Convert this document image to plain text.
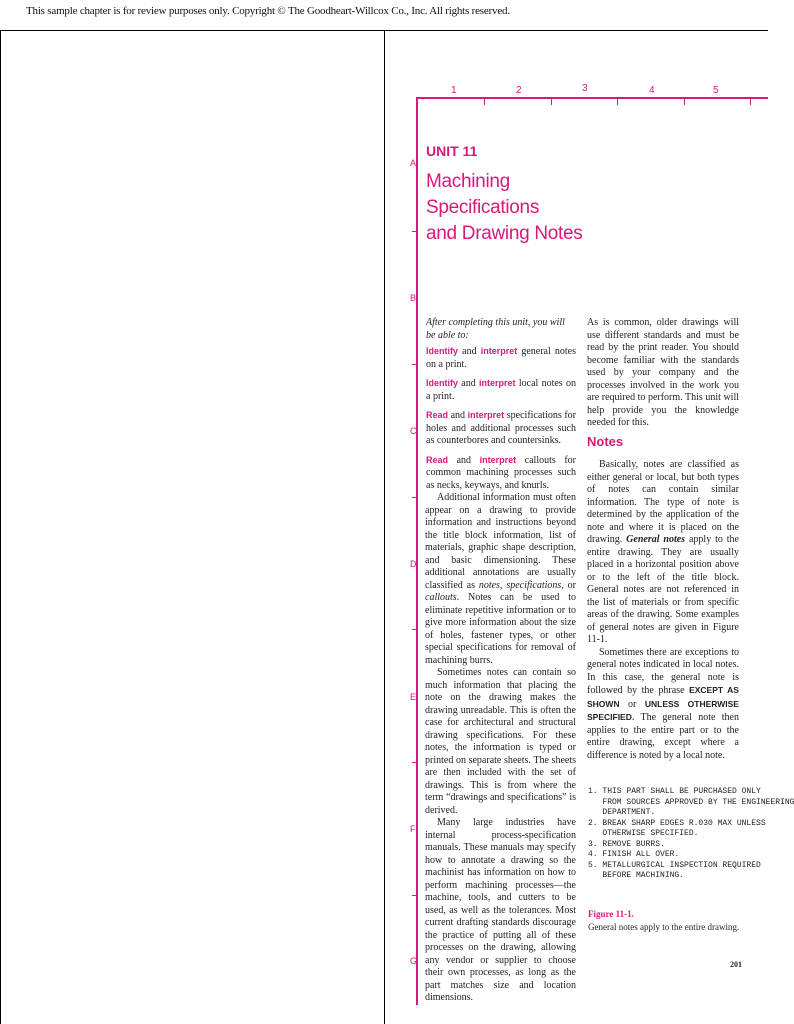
This sample chapter is for review purposes only. Copyright © The Goodheart-Willcox Co., Inc. All rights reserved.
1	2	3	4	5
A
B
C
D
E
F
G
UNIT 11
Machining Specifications
and Drawing Notes

After completing this unit, you will be able to:

Identify and interpret general notes on a print.

Identify and interpret local notes on a print.

Read and interpret specifications for holes and additional processes such as counterbores and countersinks.

Read and interpret callouts for common machining processes such as necks, keyways, and knurls.

Additional information must often appear on a drawing to provide information and instructions beyond the title block information, list of materials, graphic shape description, and basic dimensioning. These additional annotations are usually classified as notes, specifications, or callouts. Notes can be used to eliminate repetitive information or to give more information about the size of holes, fastener types, or other special specifications for removal of machining burrs.

Sometimes notes can contain so much information that placing the note on the drawing makes the drawing unreadable. This is often the case for architectural and structural drawing specifications. For these notes, the information is typed or printed on separate sheets. The sheets are then included with the set of drawings. This is from where the term “drawings and specifications” is derived.

Many large industries have internal process-specification manuals. These manuals may specify how to annotate a drawing so the machinist has information on how to perform machining processes—the machine, tools, and cutters to be used, as well as the tolerances. Most current drafting standards discourage the practice of putting all of these processes on the drawing, allowing any vendor or supplier to choose their own processes, as long as the part matches size and location dimensions.

As is common, older drawings will use different standards and must be read by the print reader. You should become familiar with the standards used by your company and the processes involved in the work you are required to perform. This unit will help provide you the knowledge needed for this.

Notes

Basically, notes are classified as either general or local, but both types of notes can contain similar information. The type of note is determined by the application of the note and where it is placed on the drawing. General notes apply to the entire drawing. They are usually placed in a horizontal position above or to the left of the title block. General notes are not referenced in the list of materials or from specific areas of the drawing. Some examples of general notes are given in Figure 11-1.

Sometimes there are exceptions to general notes indicated in local notes. In this case, the general note is followed by the phrase EXCEPT AS SHOWN or UNLESS OTHERWISE SPECIFIED. The general note then applies to the entire part or to the entire drawing, except where a difference is noted by a local note.

1. THIS PART SHALL BE PURCHASED ONLY
FROM SOURCES APPROVED BY THE ENGINEERING
DEPARTMENT.
2. BREAK SHARP EDGES R.030 MAX UNLESS
OTHERWISE SPECIFIED.
3. REMOVE BURRS.
4. FINISH ALL OVER.
5. METALLURGICAL INSPECTION REQUIRED
BEFORE MACHINING.
Figure 11-1.
General notes apply to the entire drawing.
201
